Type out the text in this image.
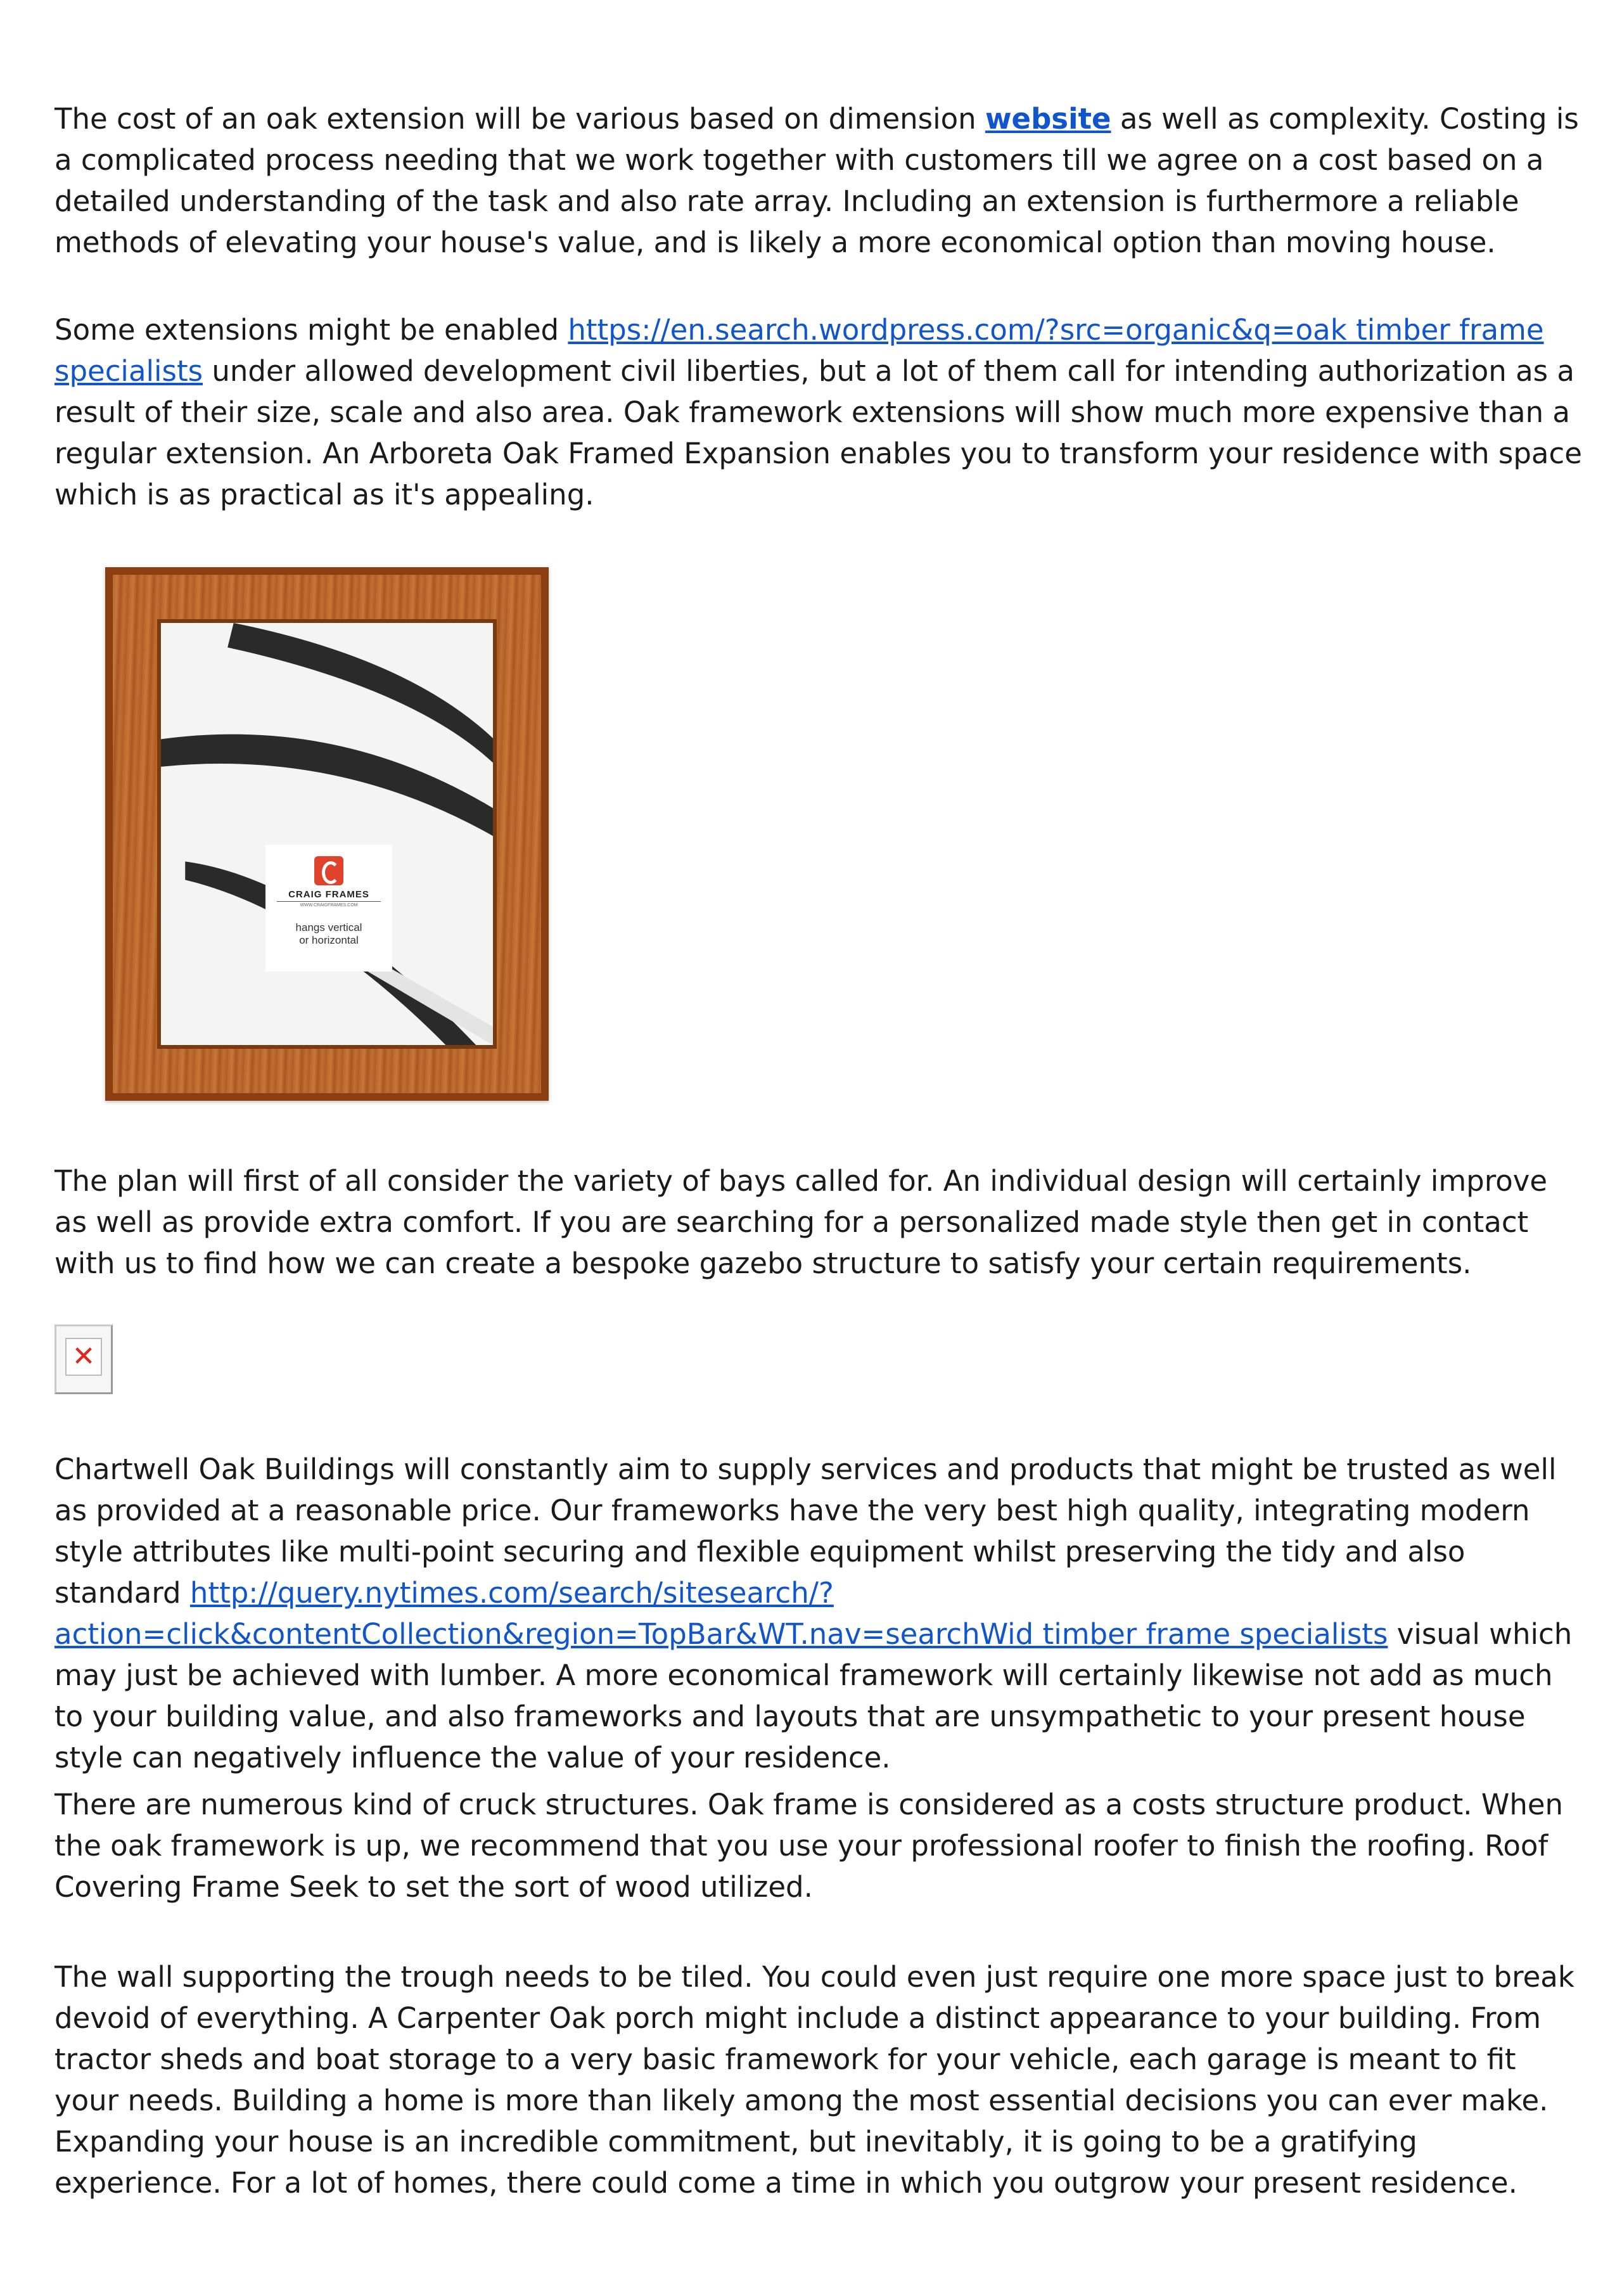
The cost of an oak extension will be various based on dimension website as well as complexity. Costing is a complicated process needing that we work together with customers till we agree on a cost based on a detailed understanding of the task and also rate array. Including an extension is furthermore a reliable methods of elevating your house's value, and is likely a more economical option than moving house.

Some extensions might be enabled https://en.search.wordpress.com/?src=organic&q=oak timber frame specialists under allowed development civil liberties, but a lot of them call for intending authorization as a result of their size, scale and also area. Oak framework extensions will show much more expensive than a regular extension. An Arboreta Oak Framed Expansion enables you to transform your residence with space which is as practical as it's appealing.

CRAIG FRAMES
WWW.CRAIGFRAMES.COM
hangs vertical
or horizontal

The plan will first of all consider the variety of bays called for. An individual design will certainly improve as well as provide extra comfort. If you are searching for a personalized made style then get in contact with us to find how we can create a bespoke gazebo structure to satisfy your certain requirements.

✕

Chartwell Oak Buildings will constantly aim to supply services and products that might be trusted as well as provided at a reasonable price. Our frameworks have the very best high quality, integrating modern style attributes like multi-point securing and flexible equipment whilst preserving the tidy and also standard http://query.nytimes.com/search/sitesearch/?action=click&contentCollection&region=TopBar&WT.nav=searchWid timber frame specialists visual which may just be achieved with lumber. A more economical framework will certainly likewise not add as much to your building value, and also frameworks and layouts that are unsympathetic to your present house style can negatively influence the value of your residence.

There are numerous kind of cruck structures. Oak frame is considered as a costs structure product. When the oak framework is up, we recommend that you use your professional roofer to finish the roofing. Roof Covering Frame Seek to set the sort of wood utilized.

The wall supporting the trough needs to be tiled. You could even just require one more space just to break devoid of everything. A Carpenter Oak porch might include a distinct appearance to your building. From tractor sheds and boat storage to a very basic framework for your vehicle, each garage is meant to fit your needs. Building a home is more than likely among the most essential decisions you can ever make. Expanding your house is an incredible commitment, but inevitably, it is going to be a gratifying experience. For a lot of homes, there could come a time in which you outgrow your present residence.
